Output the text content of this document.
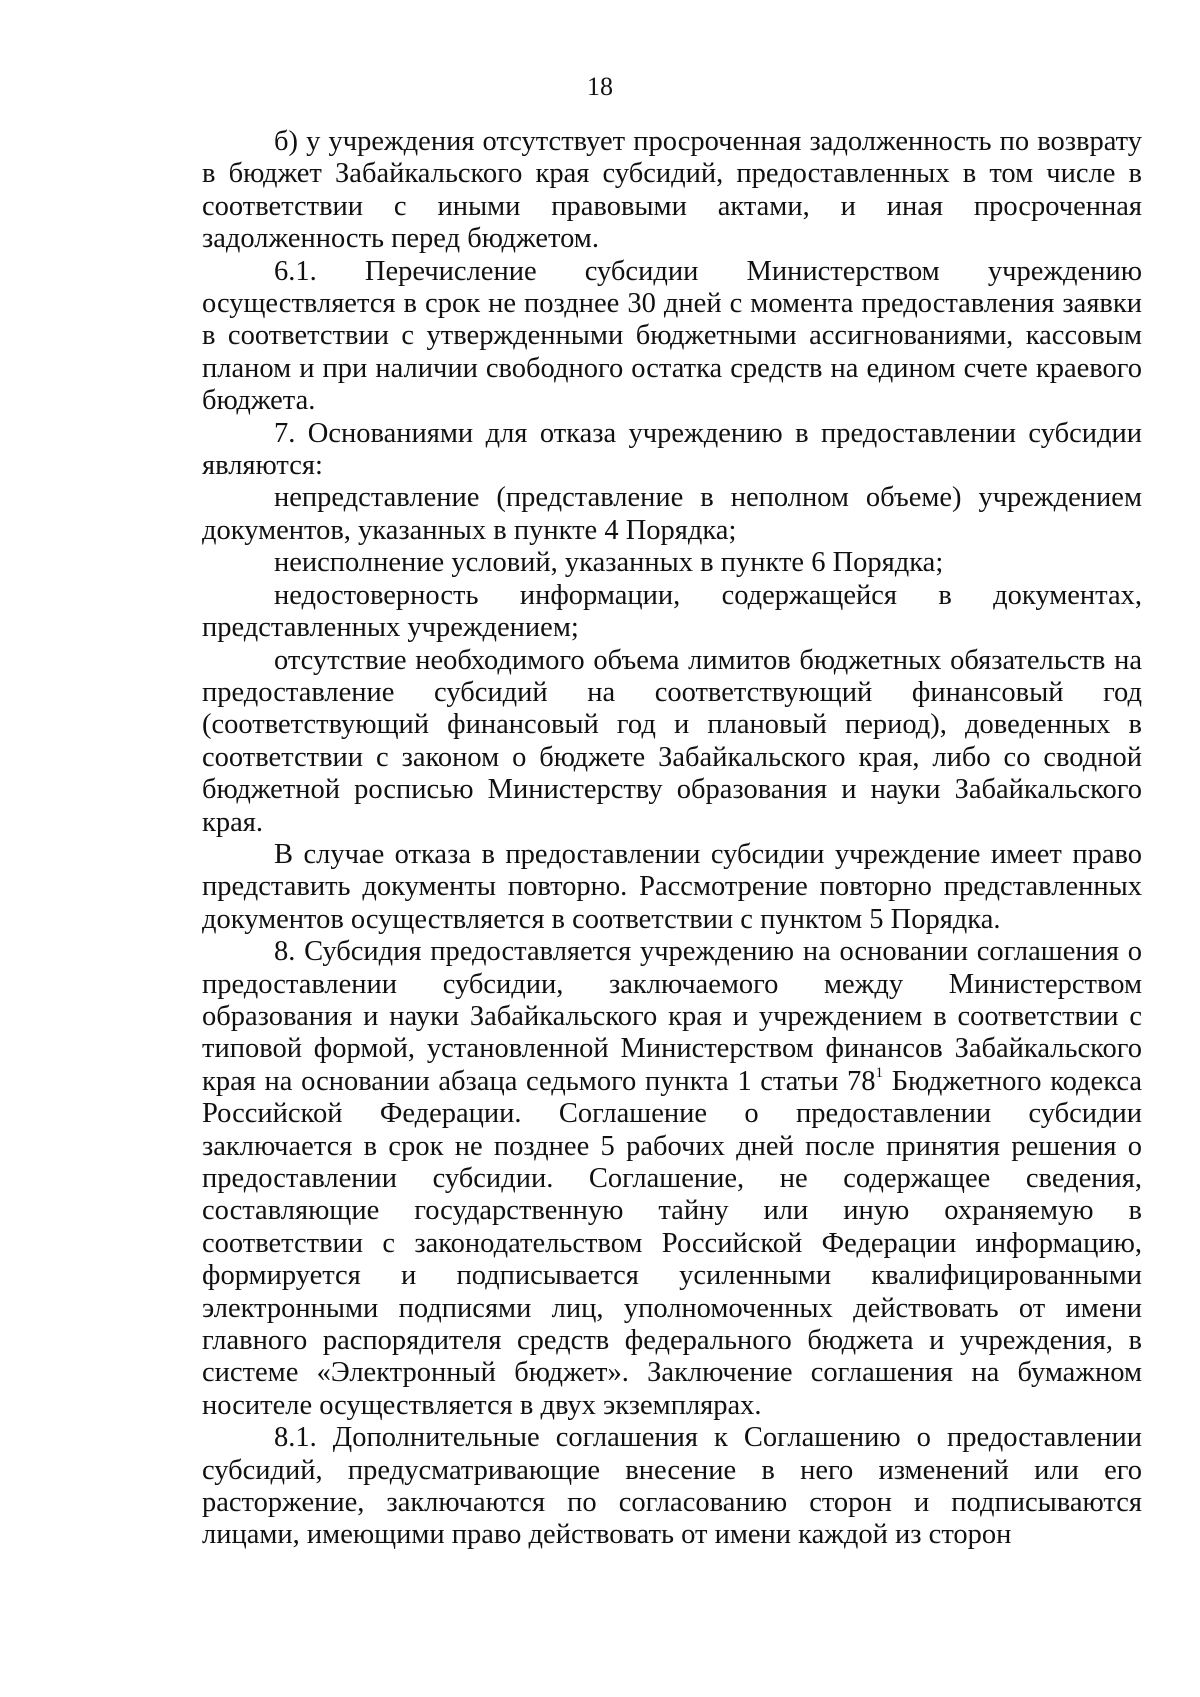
18

б) у учреждения отсутствует просроченная задолженность по возврату в бюджет Забайкальского края субсидий, предоставленных в том числе в соответствии с иными правовыми актами, и иная просроченная задолженность перед бюджетом.

6.1. Перечисление субсидии Министерством учреждению осуществляется в срок не позднее 30 дней с момента предоставления заявки в соответствии с утвержденными бюджетными ассигнованиями, кассовым планом и при наличии свободного остатка средств на едином счете краевого бюджета.

7. Основаниями для отказа учреждению в предоставлении субсидии являются:

непредставление (представление в неполном объеме) учреждением документов, указанных в пункте 4 Порядка;

неисполнение условий, указанных в пункте 6 Порядка;

недостоверность информации, содержащейся в документах, представленных учреждением;

отсутствие необходимого объема лимитов бюджетных обязательств на предоставление субсидий на соответствующий финансовый год (соответствующий финансовый год и плановый период), доведенных в соответствии с законом о бюджете Забайкальского края, либо со сводной бюджетной росписью Министерству образования и науки Забайкальского края.

В случае отказа в предоставлении субсидии учреждение имеет право представить документы повторно. Рассмотрение повторно представленных документов осуществляется в соответствии с пунктом 5 Порядка.

8. Субсидия предоставляется учреждению на основании соглашения о предоставлении субсидии, заключаемого между Министерством образования и науки Забайкальского края и учреждением в соответствии с типовой формой, установленной Министерством финансов Забайкальского края на основании абзаца седьмого пункта 1 статьи $78^1$ Бюджетного кодекса Российской Федерации. Соглашение о предоставлении субсидии заключается в срок не позднее 5 рабочих дней после принятия решения о предоставлении субсидии. Соглашение, не содержащее сведения, составляющие государственную тайну или иную охраняемую в соответствии с законодательством Российской Федерации информацию, формируется и подписывается усиленными квалифицированными электронными подписями лиц, уполномоченных действовать от имени главного распорядителя средств федерального бюджета и учреждения, в системе «Электронный бюджет». Заключение соглашения на бумажном носителе осуществляется в двух экземплярах.

8.1. Дополнительные соглашения к Соглашению о предоставлении субсидий, предусматривающие внесение в него изменений или его расторжение, заключаются по согласованию сторон и подписываются лицами, имеющими право действовать от имени каждой из сторон
